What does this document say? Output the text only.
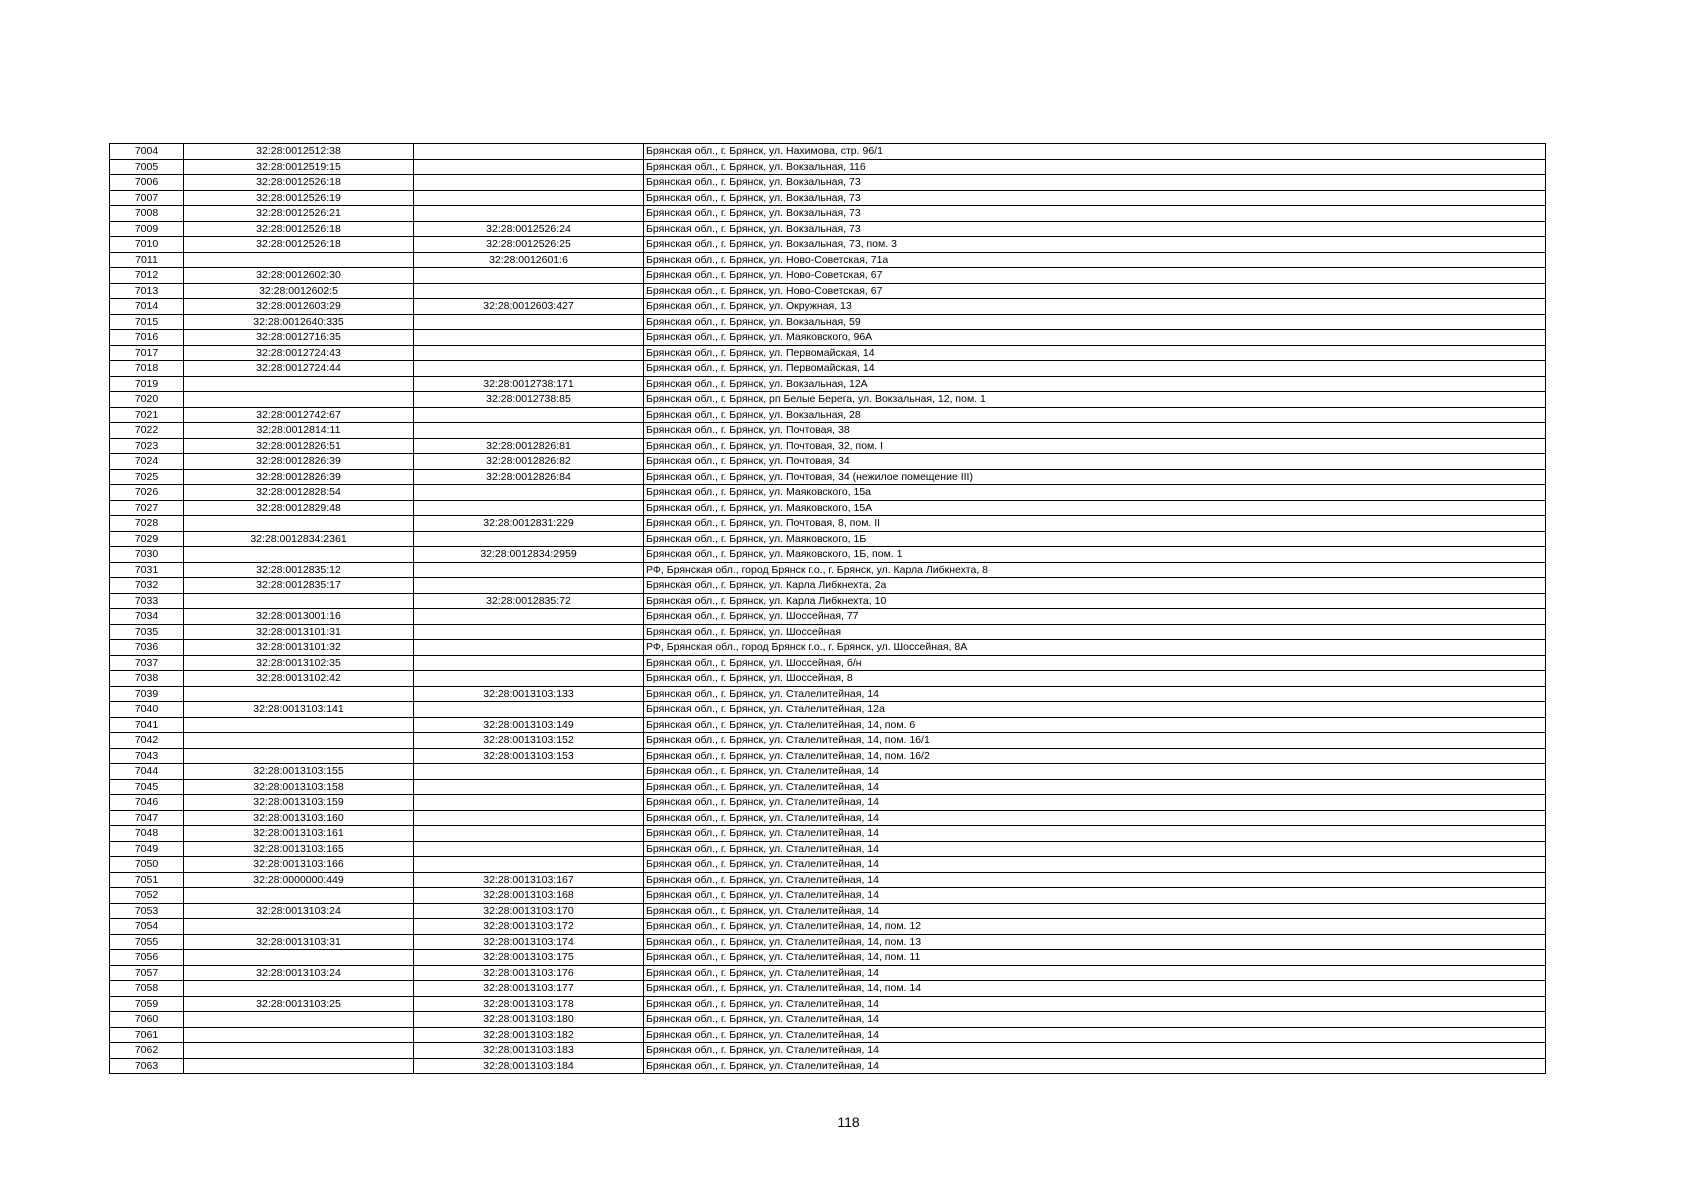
7004	32:28:0012512:38		Брянская обл., г. Брянск, ул. Нахимова, стр. 96/1
7005	32:28:0012519:15		Брянская обл., г. Брянск, ул. Вокзальная, 116
7006	32:28:0012526:18		Брянская обл., г. Брянск, ул. Вокзальная, 73
7007	32:28:0012526:19		Брянская обл., г. Брянск, ул. Вокзальная, 73
7008	32:28:0012526:21		Брянская обл., г. Брянск, ул. Вокзальная, 73
7009	32:28:0012526:18	32:28:0012526:24	Брянская обл., г. Брянск, ул. Вокзальная, 73
7010	32:28:0012526:18	32:28:0012526:25	Брянская обл., г. Брянск, ул. Вокзальная, 73, пом. 3
7011		32:28:0012601:6	Брянская обл., г. Брянск, ул. Ново-Советская, 71а
7012	32:28:0012602:30		Брянская обл., г. Брянск, ул. Ново-Советская, 67
7013	32:28:0012602:5		Брянская обл., г. Брянск, ул. Ново-Советская, 67
7014	32:28:0012603:29	32:28:0012603:427	Брянская обл., г. Брянск, ул. Окружная, 13
7015	32:28:0012640:335		Брянская обл., г. Брянск, ул. Вокзальная, 59
7016	32:28:0012716:35		Брянская обл., г. Брянск, ул. Маяковского, 96А
7017	32:28:0012724:43		Брянская обл., г. Брянск, ул. Первомайская, 14
7018	32:28:0012724:44		Брянская обл., г. Брянск, ул. Первомайская, 14
7019		32:28:0012738:171	Брянская обл., г. Брянск, ул. Вокзальная, 12А
7020		32:28:0012738:85	Брянская обл., г. Брянск, рп Белые Берега, ул. Вокзальная, 12, пом. 1
7021	32:28:0012742:67		Брянская обл., г. Брянск, ул. Вокзальная, 28
7022	32:28:0012814:11		Брянская обл., г. Брянск, ул. Почтовая, 38
7023	32:28:0012826:51	32:28:0012826:81	Брянская обл., г. Брянск, ул. Почтовая, 32, пом. I
7024	32:28:0012826:39	32:28:0012826:82	Брянская обл., г. Брянск, ул. Почтовая, 34
7025	32:28:0012826:39	32:28:0012826:84	Брянская обл., г. Брянск, ул. Почтовая, 34 (нежилое помещение III)
7026	32:28:0012828:54		Брянская обл., г. Брянск, ул. Маяковского, 15а
7027	32:28:0012829:48		Брянская обл., г. Брянск, ул. Маяковского, 15А
7028		32:28:0012831:229	Брянская обл., г. Брянск, ул. Почтовая, 8, пом. II
7029	32:28:0012834:2361		Брянская обл., г. Брянск, ул. Маяковского, 1Б
7030		32:28:0012834:2959	Брянская обл., г. Брянск, ул. Маяковского, 1Б, пом. 1
7031	32:28:0012835:12		РФ, Брянская обл., город Брянск г.о., г. Брянск, ул. Карла Либкнехта, 8
7032	32:28:0012835:17		Брянская обл., г. Брянск, ул. Карла Либкнехта, 2а
7033		32:28:0012835:72	Брянская обл., г. Брянск, ул. Карла Либкнехта, 10
7034	32:28:0013001:16		Брянская обл., г. Брянск, ул. Шоссейная, 77
7035	32:28:0013101:31		Брянская обл., г. Брянск, ул. Шоссейная
7036	32:28:0013101:32		РФ, Брянская обл., город Брянск г.о., г. Брянск, ул. Шоссейная, 8А
7037	32:28:0013102:35		Брянская обл., г. Брянск, ул. Шоссейная, б/н
7038	32:28:0013102:42		Брянская обл., г. Брянск, ул. Шоссейная, 8
7039		32:28:0013103:133	Брянская обл., г. Брянск, ул. Сталелитейная, 14
7040	32:28:0013103:141		Брянская обл., г. Брянск, ул. Сталелитейная, 12а
7041		32:28:0013103:149	Брянская обл., г. Брянск, ул. Сталелитейная, 14, пом. 6
7042		32:28:0013103:152	Брянская обл., г. Брянск, ул. Сталелитейная, 14, пом. 16/1
7043		32:28:0013103:153	Брянская обл., г. Брянск, ул. Сталелитейная, 14, пом. 16/2
7044	32:28:0013103:155		Брянская обл., г. Брянск, ул. Сталелитейная, 14
7045	32:28:0013103:158		Брянская обл., г. Брянск, ул. Сталелитейная, 14
7046	32:28:0013103:159		Брянская обл., г. Брянск, ул. Сталелитейная, 14
7047	32:28:0013103:160		Брянская обл., г. Брянск, ул. Сталелитейная, 14
7048	32:28:0013103:161		Брянская обл., г. Брянск, ул. Сталелитейная, 14
7049	32:28:0013103:165		Брянская обл., г. Брянск, ул. Сталелитейная, 14
7050	32:28:0013103:166		Брянская обл., г. Брянск, ул. Сталелитейная, 14
7051	32:28:0000000:449	32:28:0013103:167	Брянская обл., г. Брянск, ул. Сталелитейная, 14
7052		32:28:0013103:168	Брянская обл., г. Брянск, ул. Сталелитейная, 14
7053	32:28:0013103:24	32:28:0013103:170	Брянская обл., г. Брянск, ул. Сталелитейная, 14
7054		32:28:0013103:172	Брянская обл., г. Брянск, ул. Сталелитейная, 14, пом. 12
7055	32:28:0013103:31	32:28:0013103:174	Брянская обл., г. Брянск, ул. Сталелитейная, 14, пом. 13
7056		32:28:0013103:175	Брянская обл., г. Брянск, ул. Сталелитейная, 14, пом. 11
7057	32:28:0013103:24	32:28:0013103:176	Брянская обл., г. Брянск, ул. Сталелитейная, 14
7058		32:28:0013103:177	Брянская обл., г. Брянск, ул. Сталелитейная, 14, пом. 14
7059	32:28:0013103:25	32:28:0013103:178	Брянская обл., г. Брянск, ул. Сталелитейная, 14
7060		32:28:0013103:180	Брянская обл., г. Брянск, ул. Сталелитейная, 14
7061		32:28:0013103:182	Брянская обл., г. Брянск, ул. Сталелитейная, 14
7062		32:28:0013103:183	Брянская обл., г. Брянск, ул. Сталелитейная, 14
7063		32:28:0013103:184	Брянская обл., г. Брянск, ул. Сталелитейная, 14
118
